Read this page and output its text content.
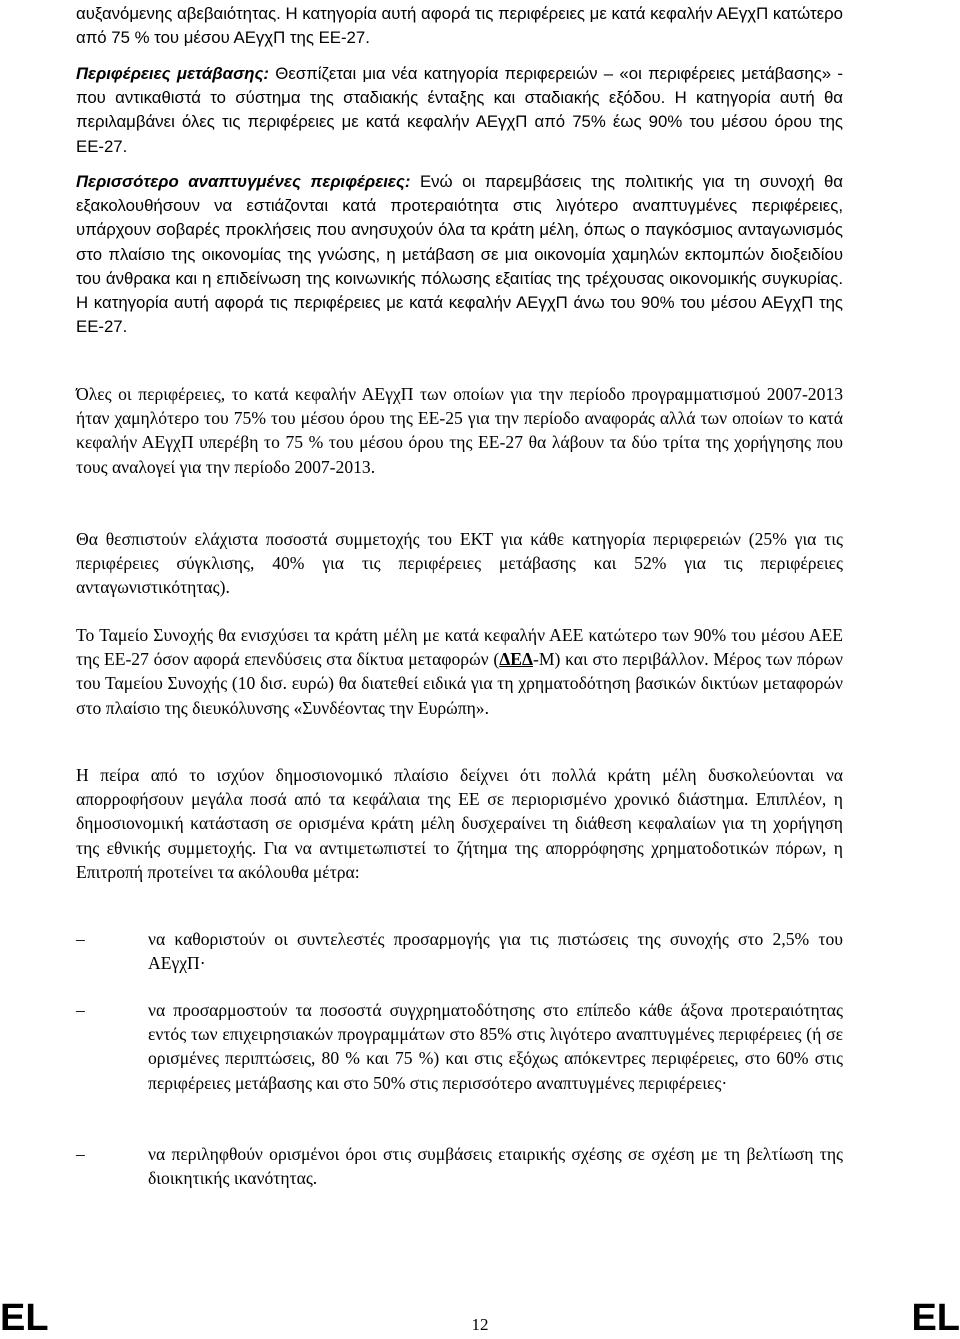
αυξανόμενης αβεβαιότητας. Η κατηγορία αυτή αφορά τις περιφέρειες με κατά κεφαλήν ΑΕγχΠ κατώτερο από 75 % του μέσου ΑΕγχΠ της ΕΕ-27.

Περιφέρειες μετάβασης: Θεσπίζεται μια νέα κατηγορία περιφερειών – «οι περιφέρειες μετάβασης» - που αντικαθιστά το σύστημα της σταδιακής ένταξης και σταδιακής εξόδου. Η κατηγορία αυτή θα περιλαμβάνει όλες τις περιφέρειες με κατά κεφαλήν ΑΕγχΠ από 75% έως 90% του μέσου όρου της ΕΕ-27.

Περισσότερο αναπτυγμένες περιφέρειες: Ενώ οι παρεμβάσεις της πολιτικής για τη συνοχή θα εξακολουθήσουν να εστιάζονται κατά προτεραιότητα στις λιγότερο αναπτυγμένες περιφέρειες, υπάρχουν σοβαρές προκλήσεις που ανησυχούν όλα τα κράτη μέλη, όπως ο παγκόσμιος ανταγωνισμός στο πλαίσιο της οικονομίας της γνώσης, η μετάβαση σε μια οικονομία χαμηλών εκπομπών διοξειδίου του άνθρακα και η επιδείνωση της κοινωνικής πόλωσης εξαιτίας της τρέχουσας οικονομικής συγκυρίας. Η κατηγορία αυτή αφορά τις περιφέρειες με κατά κεφαλήν ΑΕγχΠ άνω του 90% του μέσου ΑΕγχΠ της ΕΕ-27.

Όλες οι περιφέρειες, το κατά κεφαλήν ΑΕγχΠ των οποίων για την περίοδο προγραμματισμού 2007-2013 ήταν χαμηλότερο του 75% του μέσου όρου της ΕΕ-25 για την περίοδο αναφοράς αλλά των οποίων το κατά κεφαλήν ΑΕγχΠ υπερέβη το 75 % του μέσου όρου της ΕΕ-27 θα λάβουν τα δύο τρίτα της χορήγησης που τους αναλογεί για την περίοδο 2007-2013.

Θα θεσπιστούν ελάχιστα ποσοστά συμμετοχής του ΕΚΤ για κάθε κατηγορία περιφερειών (25% για τις περιφέρειες σύγκλισης, 40% για τις περιφέρειες μετάβασης και 52% για τις περιφέρειες ανταγωνιστικότητας).

Το Ταμείο Συνοχής θα ενισχύσει τα κράτη μέλη με κατά κεφαλήν ΑΕΕ κατώτερο των 90% του μέσου ΑΕΕ της ΕΕ-27 όσον αφορά επενδύσεις στα δίκτυα μεταφορών (ΔΕΔ-Μ) και στο περιβάλλον. Μέρος των πόρων του Ταμείου Συνοχής (10 δισ. ευρώ) θα διατεθεί ειδικά για τη χρηματοδότηση βασικών δικτύων μεταφορών στο πλαίσιο της διευκόλυνσης «Συνδέοντας την Ευρώπη».

Η πείρα από το ισχύον δημοσιονομικό πλαίσιο δείχνει ότι πολλά κράτη μέλη δυσκολεύονται να απορροφήσουν μεγάλα ποσά από τα κεφάλαια της ΕΕ σε περιορισμένο χρονικό διάστημα. Επιπλέον, η δημοσιονομική κατάσταση σε ορισμένα κράτη μέλη δυσχεραίνει τη διάθεση κεφαλαίων για τη χορήγηση της εθνικής συμμετοχής. Για να αντιμετωπιστεί το ζήτημα της απορρόφησης χρηματοδοτικών πόρων, η Επιτροπή προτείνει τα ακόλουθα μέτρα:

–	να καθοριστούν οι συντελεστές προσαρμογής για τις πιστώσεις της συνοχής στο 2,5% του ΑΕγχΠ·

–	να προσαρμοστούν τα ποσοστά συγχρηματοδότησης στο επίπεδο κάθε άξονα προτεραιότητας εντός των επιχειρησιακών προγραμμάτων στο 85% στις λιγότερο αναπτυγμένες περιφέρειες (ή σε ορισμένες περιπτώσεις, 80 % και 75 %) και στις εξόχως απόκεντρες περιφέρειες, στο 60% στις περιφέρειες μετάβασης και στο 50% στις περισσότερο αναπτυγμένες περιφέρειες·

–	να περιληφθούν ορισμένοι όροι στις συμβάσεις εταιρικής σχέσης σε σχέση με τη βελτίωση της διοικητικής ικανότητας.

EL	12	EL
